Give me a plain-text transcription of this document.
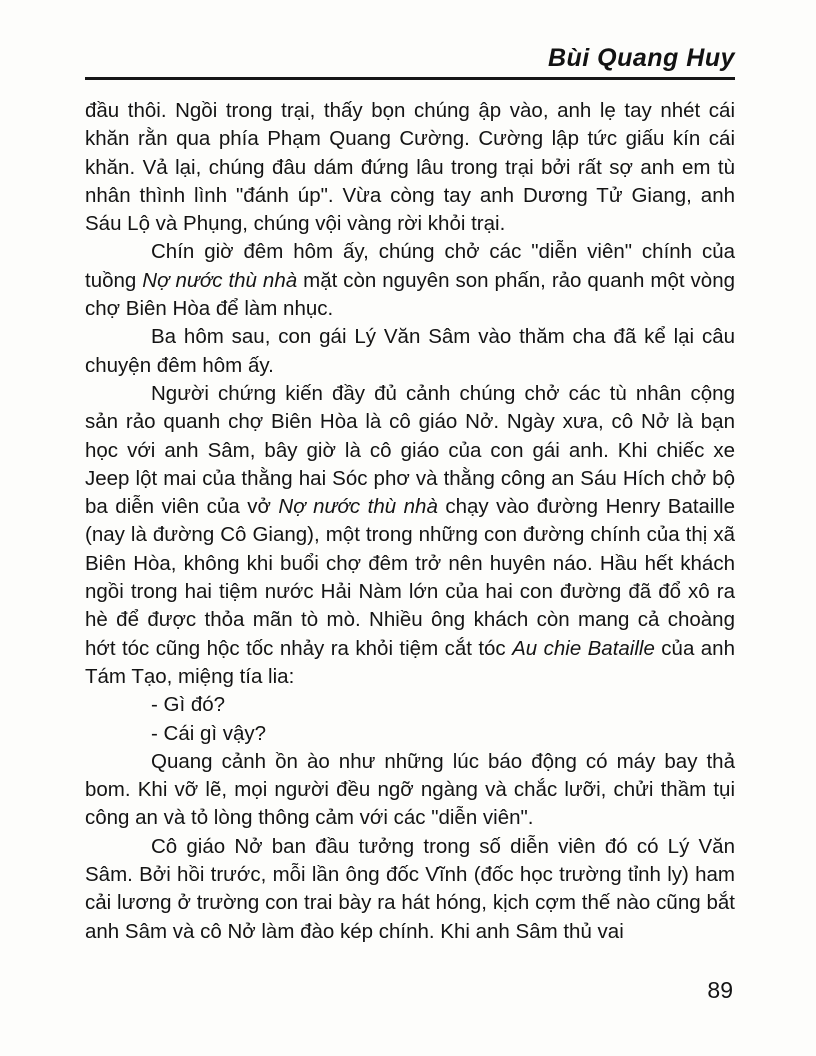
Bùi Quang Huy

đầu thôi. Ngồi trong trại, thấy bọn chúng ập vào, anh lẹ tay nhét cái khăn rằn qua phía Phạm Quang Cường. Cường lập tức giấu kín cái khăn. Vả lại, chúng đâu dám đứng lâu trong trại bởi rất sợ anh em tù nhân thình lình "đánh úp". Vừa còng tay anh Dương Tử Giang, anh Sáu Lộ và Phụng, chúng vội vàng rời khỏi trại.

Chín giờ đêm hôm ấy, chúng chở các "diễn viên" chính của tuồng Nợ nước thù nhà mặt còn nguyên son phấn, rảo quanh một vòng chợ Biên Hòa để làm nhục.

Ba hôm sau, con gái Lý Văn Sâm vào thăm cha đã kể lại câu chuyện đêm hôm ấy.

Người chứng kiến đầy đủ cảnh chúng chở các tù nhân cộng sản rảo quanh chợ Biên Hòa là cô giáo Nở. Ngày xưa, cô Nở là bạn học với anh Sâm, bây giờ là cô giáo của con gái anh. Khi chiếc xe Jeep lột mai của thằng hai Sóc phơ và thằng công an Sáu Hích chở bộ ba diễn viên của vở Nợ nước thù nhà chạy vào đường Henry Bataille (nay là đường Cô Giang), một trong những con đường chính của thị xã Biên Hòa, không khi buổi chợ đêm trở nên huyên náo. Hầu hết khách ngồi trong hai tiệm nước Hải Nàm lớn của hai con đường đã đổ xô ra hè để được thỏa mãn tò mò. Nhiều ông khách còn mang cả choàng hớt tóc cũng hộc tốc nhảy ra khỏi tiệm cắt tóc Au chie Bataille của anh Tám Tạo, miệng tía lia:

- Gì đó?

- Cái gì vậy?

Quang cảnh ồn ào như những lúc báo động có máy bay thả bom. Khi vỡ lẽ, mọi người đều ngỡ ngàng và chắc lưỡi, chửi thầm tụi công an và tỏ lòng thông cảm với các "diễn viên".

Cô giáo Nở ban đầu tưởng trong số diễn viên đó có Lý Văn Sâm. Bởi hồi trước, mỗi lần ông đốc Vĩnh (đốc học trường tỉnh ly) ham cải lương ở trường con trai bày ra hát hóng, kịch cợm thế nào cũng bắt anh Sâm và cô Nở làm đào kép chính. Khi anh Sâm thủ vai

89
